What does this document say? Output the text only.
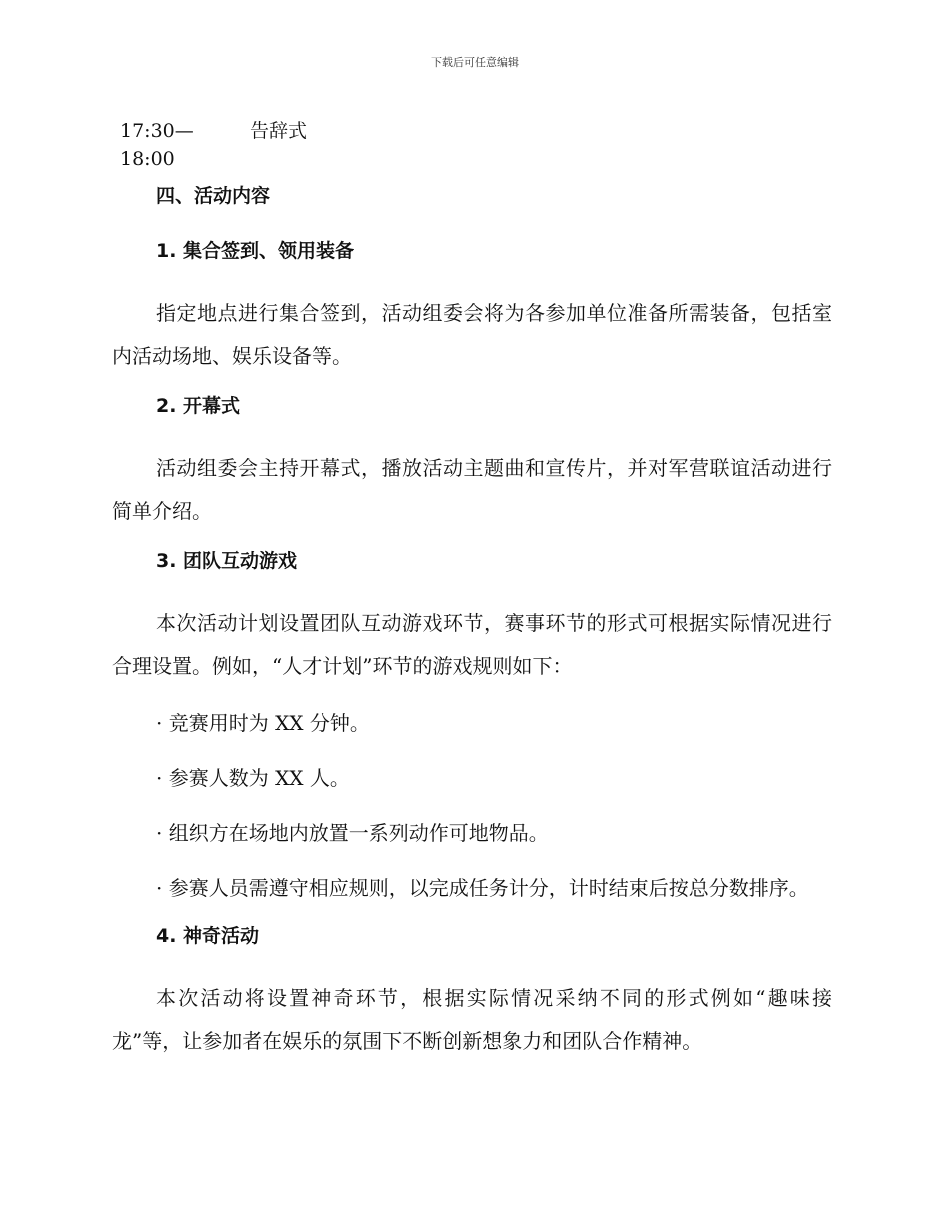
下载后可任意编辑
17:30—
18:00
告辞式
四、活动内容
1. 集合签到、领用装备

指定地点进行集合签到，活动组委会将为各参加单位准备所需装备，包括室内活动场地、娱乐设备等。

2. 开幕式

活动组委会主持开幕式，播放活动主题曲和宣传片，并对军营联谊活动进行简单介绍。

3. 团队互动游戏

本次活动计划设置团队互动游戏环节，赛事环节的形式可根据实际情况进行合理设置。例如，“人才计划”环节的游戏规则如下：

· 竞赛用时为 XX 分钟。

· 参赛人数为 XX 人。

· 组织方在场地内放置一系列动作可地物品。

· 参赛人员需遵守相应规则，以完成任务计分，计时结束后按总分数排序。

4. 神奇活动

本次活动将设置神奇环节，根据实际情况采纳不同的形式例如“趣味接龙”等，让参加者在娱乐的氛围下不断创新想象力和团队合作精神。
